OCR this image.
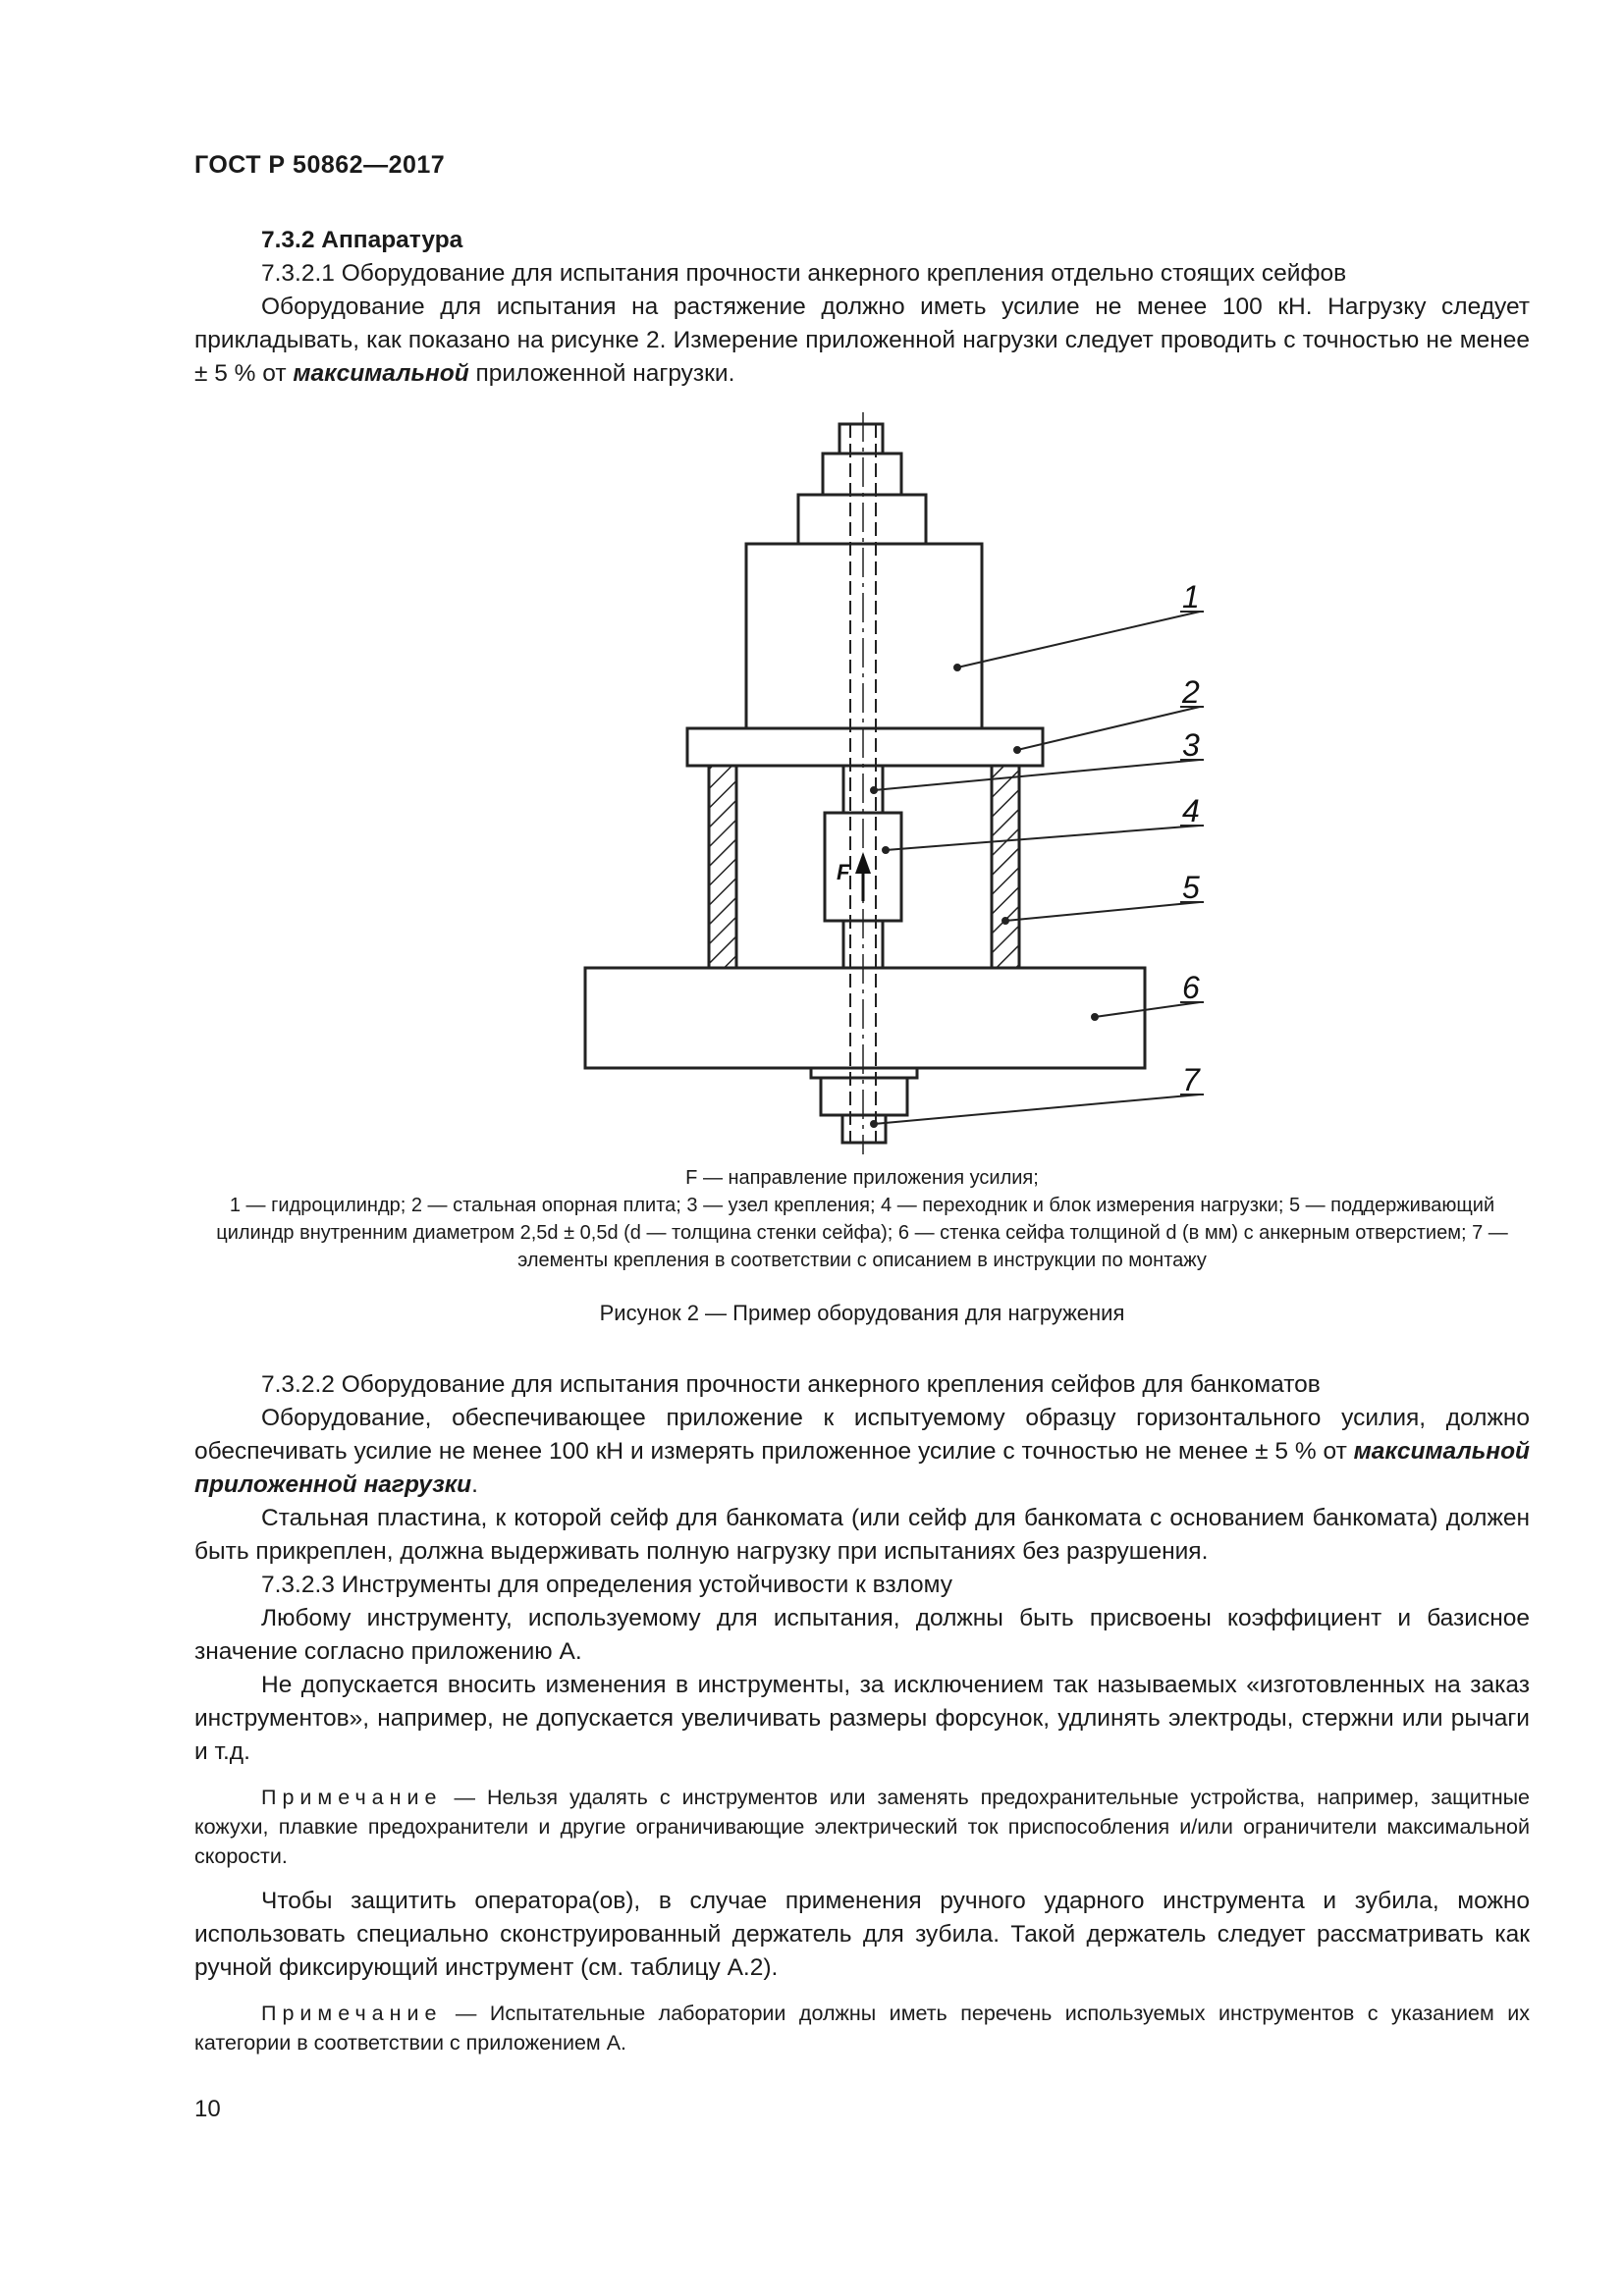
ГОСТ Р 50862—2017

7.3.2 Аппаратура

7.3.2.1 Оборудование для испытания прочности анкерного крепления отдельно стоящих сейфов

Оборудование для испытания на растяжение должно иметь усилие не менее 100 кН. Нагрузку следует прикладывать, как показано на рисунке 2. Измерение приложенной нагрузки следует проводить с точностью не менее ± 5 % от максимальной приложенной нагрузки.

F
1
2
3
4
5
6
7

F — направление приложения усилия;

1 — гидроцилиндр; 2 — стальная опорная плита; 3 — узел крепления; 4 — переходник и блок измерения нагрузки; 5 — поддерживающий цилиндр внутренним диаметром 2,5d ± 0,5d (d — толщина стенки сейфа); 6 — стенка сейфа толщиной d (в мм) с анкерным отверстием; 7 — элементы крепления в соответствии с описанием в инструкции по монтажу

Рисунок 2 — Пример оборудования для нагружения

7.3.2.2 Оборудование для испытания прочности анкерного крепления сейфов для банкоматов

Оборудование, обеспечивающее приложение к испытуемому образцу горизонтального усилия, должно обеспечивать усилие не менее 100 кН и измерять приложенное усилие с точностью не менее ± 5 % от максимальной приложенной нагрузки.

Стальная пластина, к которой сейф для банкомата (или сейф для банкомата с основанием банкомата) должен быть прикреплен, должна выдерживать полную нагрузку при испытаниях без разрушения.

7.3.2.3 Инструменты для определения устойчивости к взлому

Любому инструменту, используемому для испытания, должны быть присвоены коэффициент и базисное значение согласно приложению А.

Не допускается вносить изменения в инструменты, за исключением так называемых «изготовленных на заказ инструментов», например, не допускается увеличивать размеры форсунок, удлинять электроды, стержни или рычаги и т.д.

Примечание — Нельзя удалять с инструментов или заменять предохранительные устройства, например, защитные кожухи, плавкие предохранители и другие ограничивающие электрический ток приспособления и/или ограничители максимальной скорости.

Чтобы защитить оператора(ов), в случае применения ручного ударного инструмента и зубила, можно использовать специально сконструированный держатель для зубила. Такой держатель следует рассматривать как ручной фиксирующий инструмент (см. таблицу А.2).

Примечание — Испытательные лаборатории должны иметь перечень используемых инструментов с указанием их категории в соответствии с приложением А.

10
